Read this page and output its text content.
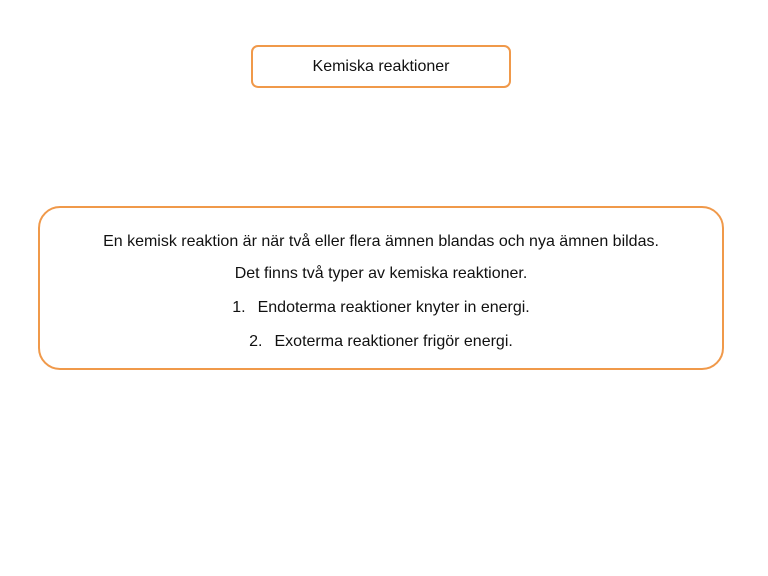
Kemiska reaktioner
En kemisk reaktion är när två eller flera ämnen blandas och nya ämnen bildas.
Det finns två typer av kemiska reaktioner.
1. Endoterma reaktioner knyter in energi.
2. Exoterma reaktioner frigör energi.
